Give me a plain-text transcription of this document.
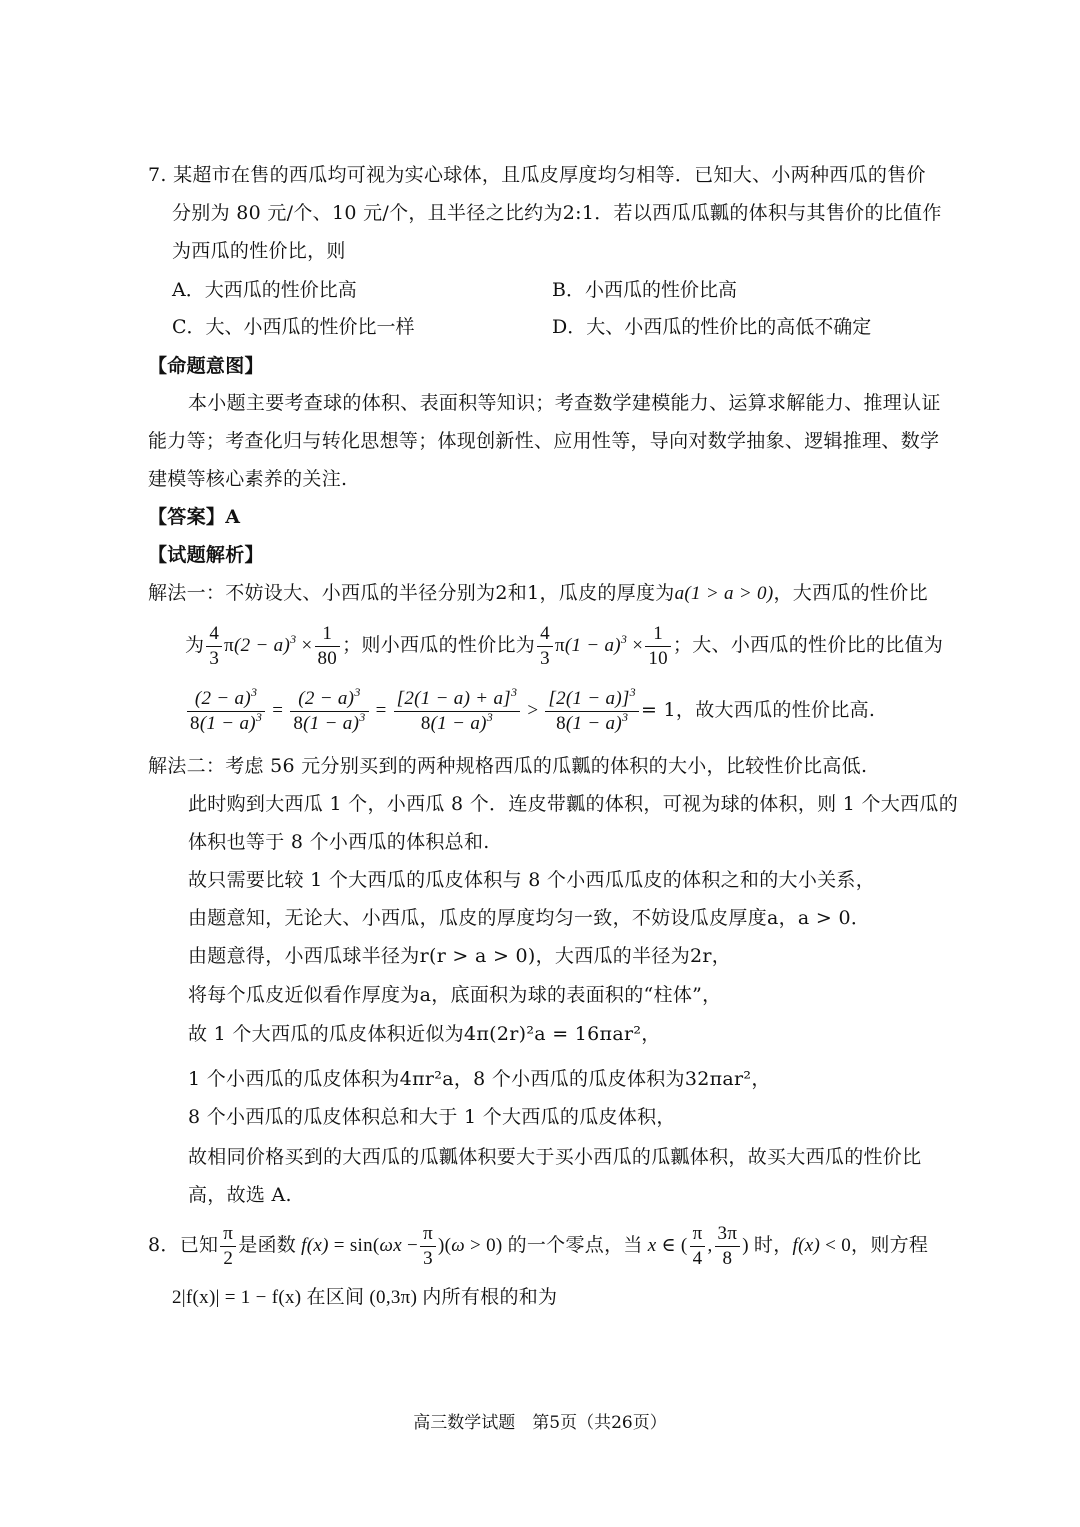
7. 某超市在售的西瓜均可视为实心球体，且瓜皮厚度均匀相等．已知大、小两种西瓜的售价
分别为 80 元/个、10 元/个，且半径之比约为2:1．若以西瓜瓜瓤的体积与其售价的比值作
为西瓜的性价比，则
A．大西瓜的性价比高	B．小西瓜的性价比高
C．大、小西瓜的性价比一样	D．大、小西瓜的性价比的高低不确定
【命题意图】
本小题主要考查球的体积、表面积等知识；考查数学建模能力、运算求解能力、推理认证
能力等；考查化归与转化思想等；体现创新性、应用性等，导向对数学抽象、逻辑推理、数学
建模等核心素养的关注.
【答案】A
【试题解析】
解法一：不妨设大、小西瓜的半径分别为2和1，瓜皮的厚度为a(1 > a > 0)，大西瓜的性价比
为 $\frac{4}{3} \pi(2 - a)^3 \times \frac{1}{80}$ ；则小西瓜的性价比为 $\frac{4}{3} \pi(1 - a)^3 \times \frac{1}{10}$ ；大、小西瓜的性价比的比值为
$\frac{(2 - a)^3}{8(1 - a)^3} = \frac{(2 - a)^3}{8(1 - a)^3} = \frac{[2(1 - a) + a]^3}{8(1 - a)^3} > \frac{[2(1 - a)]^3}{8(1 - a)^3} = 1$，故大西瓜的性价比高.
解法二：考虑 56 元分别买到的两种规格西瓜的瓜瓤的体积的大小，比较性价比高低.
此时购到大西瓜 1 个，小西瓜 8 个．连皮带瓤的体积，可视为球的体积，则 1 个大西瓜的
体积也等于 8 个小西瓜的体积总和.
故只需要比较 1 个大西瓜的瓜皮体积与 8 个小西瓜瓜皮的体积之和的大小关系，
由题意知，无论大、小西瓜，瓜皮的厚度均匀一致，不妨设瓜皮厚度a，a > 0．
由题意得，小西瓜球半径为r(r > a > 0)，大西瓜的半径为2r，
将每个瓜皮近似看作厚度为a，底面积为球的表面积的“柱体”，
故 1 个大西瓜的瓜皮体积近似为4π(2r)²a = 16πar²，
1 个小西瓜的瓜皮体积为4πr²a，8 个小西瓜的瓜皮体积为32πar²，
8 个小西瓜的瓜皮体积总和大于 1 个大西瓜的瓜皮体积，
故相同价格买到的大西瓜的瓜瓤体积要大于买小西瓜的瓜瓤体积，故买大西瓜的性价比
高，故选 A.
8．已知 $\frac{\pi}{2}$ 是函数 $f(x) = \sin(\omega x - \frac{\pi}{3} )(\omega > 0)$ 的一个零点，当 x ∈ ( $\frac{\pi}{4}$ , $\frac{3\pi}{8}$ ) 时，f(x) < 0，则方程
2|f(x)| = 1 − f(x) 在区间 (0,3π) 内所有根的和为
高三数学试题　第5页（共26页）
